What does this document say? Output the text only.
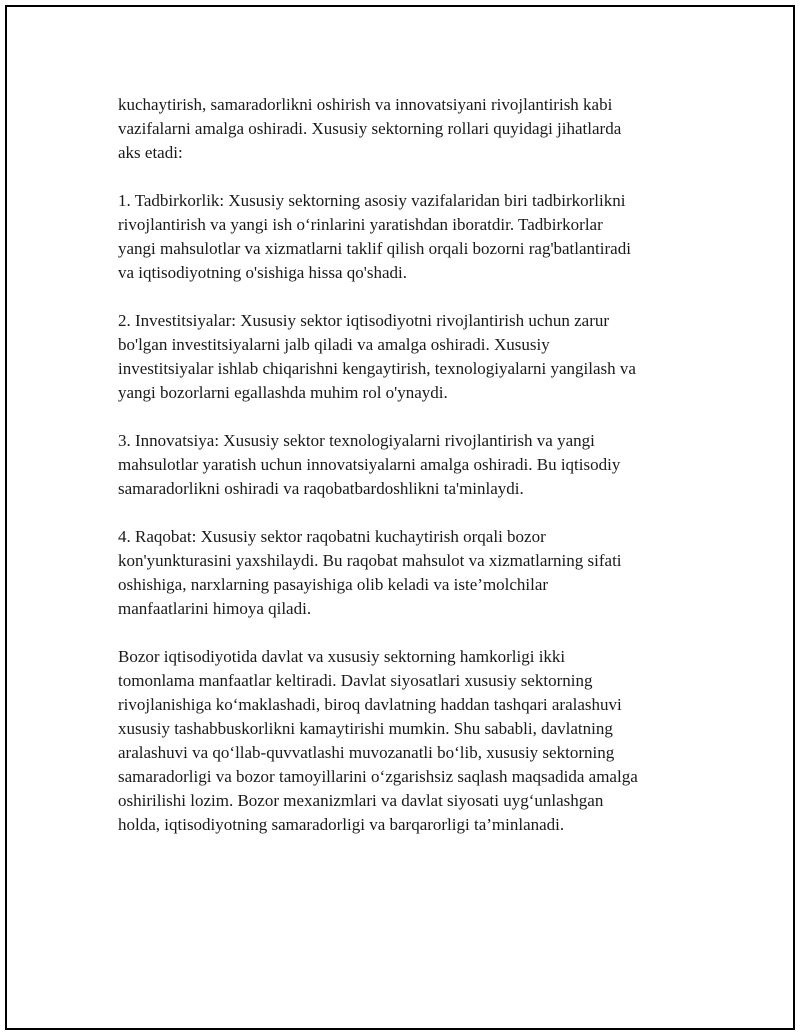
kuchaytirish, samaradorlikni oshirish va innovatsiyani rivojlantirish kabi
vazifalarni amalga oshiradi. Xususiy sektorning rollari quyidagi jihatlarda
aks etadi:

1. Tadbirkorlik: Xususiy sektorning asosiy vazifalaridan biri tadbirkorlikni
rivojlantirish va yangi ish o‘rinlarini yaratishdan iboratdir. Tadbirkorlar
yangi mahsulotlar va xizmatlarni taklif qilish orqali bozorni rag'batlantiradi
va iqtisodiyotning o'sishiga hissa qo'shadi.

2. Investitsiyalar: Xususiy sektor iqtisodiyotni rivojlantirish uchun zarur
bo'lgan investitsiyalarni jalb qiladi va amalga oshiradi. Xususiy
investitsiyalar ishlab chiqarishni kengaytirish, texnologiyalarni yangilash va
yangi bozorlarni egallashda muhim rol o'ynaydi.

3. Innovatsiya: Xususiy sektor texnologiyalarni rivojlantirish va yangi
mahsulotlar yaratish uchun innovatsiyalarni amalga oshiradi. Bu iqtisodiy
samaradorlikni oshiradi va raqobatbardoshlikni ta'minlaydi.

4. Raqobat: Xususiy sektor raqobatni kuchaytirish orqali bozor
kon'yunkturasini yaxshilaydi. Bu raqobat mahsulot va xizmatlarning sifati
oshishiga, narxlarning pasayishiga olib keladi va iste’molchilar
manfaatlarini himoya qiladi.

Bozor iqtisodiyotida davlat va xususiy sektorning hamkorligi ikki
tomonlama manfaatlar keltiradi. Davlat siyosatlari xususiy sektorning
rivojlanishiga ko‘maklashadi, biroq davlatning haddan tashqari aralashuvi
xususiy tashabbuskorlikni kamaytirishi mumkin. Shu sababli, davlatning
aralashuvi va qo‘llab-quvvatlashi muvozanatli bo‘lib, xususiy sektorning
samaradorligi va bozor tamoyillarini o‘zgarishsiz saqlash maqsadida amalga
oshirilishi lozim. Bozor mexanizmlari va davlat siyosati uyg‘unlashgan
holda, iqtisodiyotning samaradorligi va barqarorligi ta’minlanadi.
